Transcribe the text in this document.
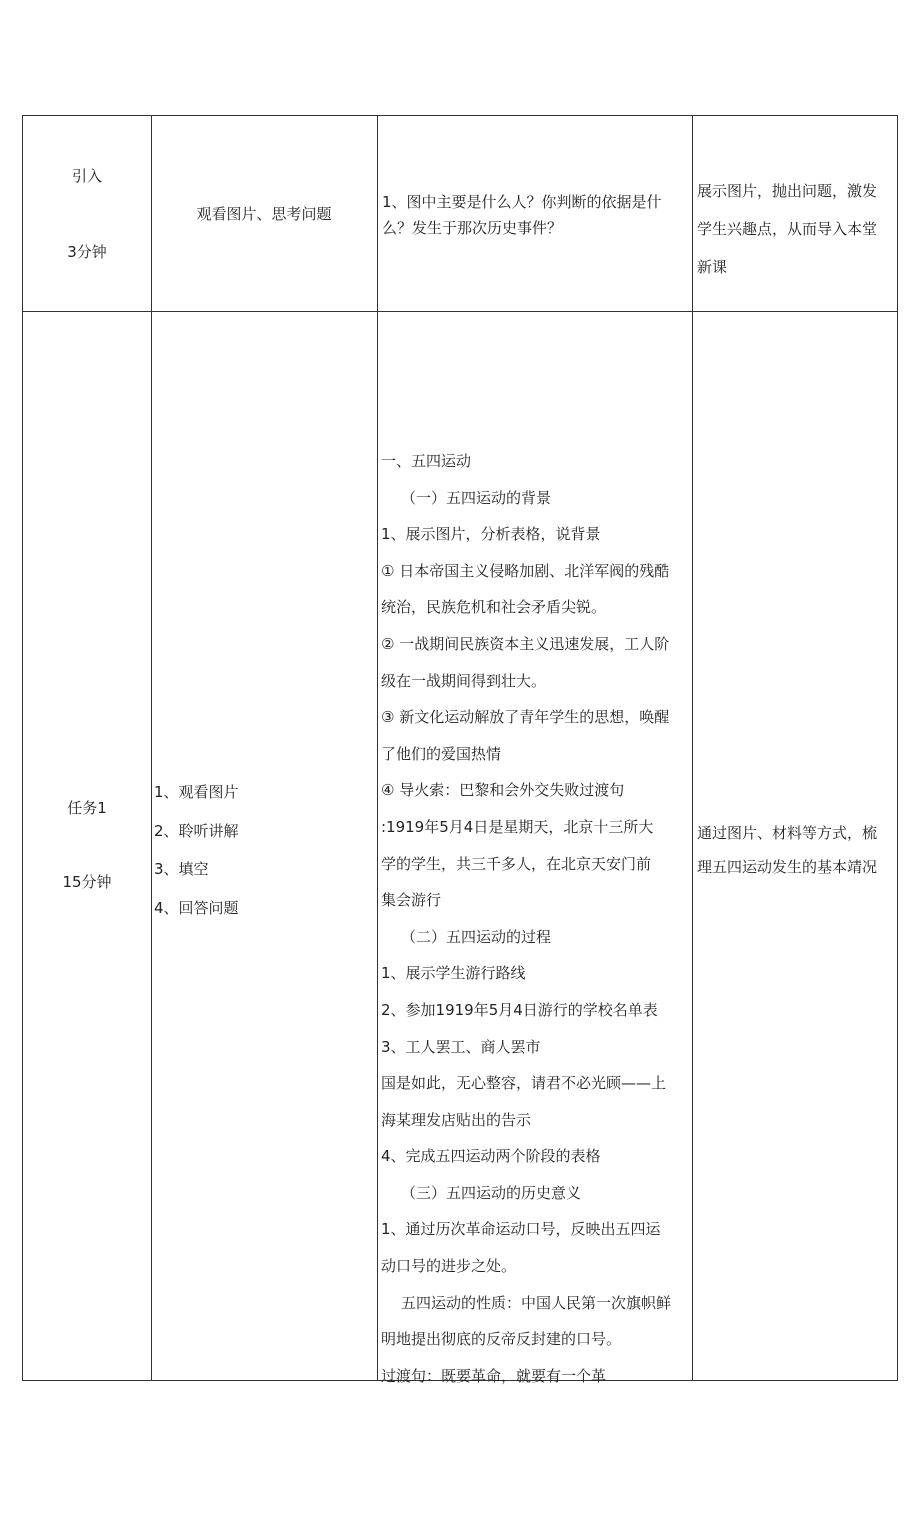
引入
3分钟
观看图片、思考问题

1、图中主要是什么人？你判断的依据是什

么？发生于那次历史事件？

展示图片，抛出问题，激发

学生兴趣点，从而导入本堂

新课

任务1
15分钟

1、观看图片

2、聆听讲解

3、填空

4、回答问题

一、五四运动

（一）五四运动的背景

1、展示图片，分析表格，说背景

① 日本帝国主义侵略加剧、北洋军阀的残酷

统治，民族危机和社会矛盾尖锐。

② 一战期间民族资本主义迅速发展，工人阶

级在一战期间得到壮大。

③ 新文化运动解放了青年学生的思想，唤醒

了他们的爱国热情

④ 导火索：巴黎和会外交失败过渡句

:1919年5月4日是星期天，北京十三所大

学的学生，共三千多人，在北京天安门前

集会游行

（二）五四运动的过程

1、展示学生游行路线

2、参加1919年5月4日游行的学校名单表

3、工人罢工、商人罢市

国是如此，无心整容，请君不必光顾——上

海某理发店贴出的告示

4、完成五四运动两个阶段的表格

（三）五四运动的历史意义

1、通过历次革命运动口号，反映出五四运

动口号的进步之处。

五四运动的性质：中国人民第一次旗帜鲜

明地提出彻底的反帝反封建的口号。

过渡句：既要革命，就要有一个革

通过图片、材料等方式，梳

理五四运动发生的基本靖况
